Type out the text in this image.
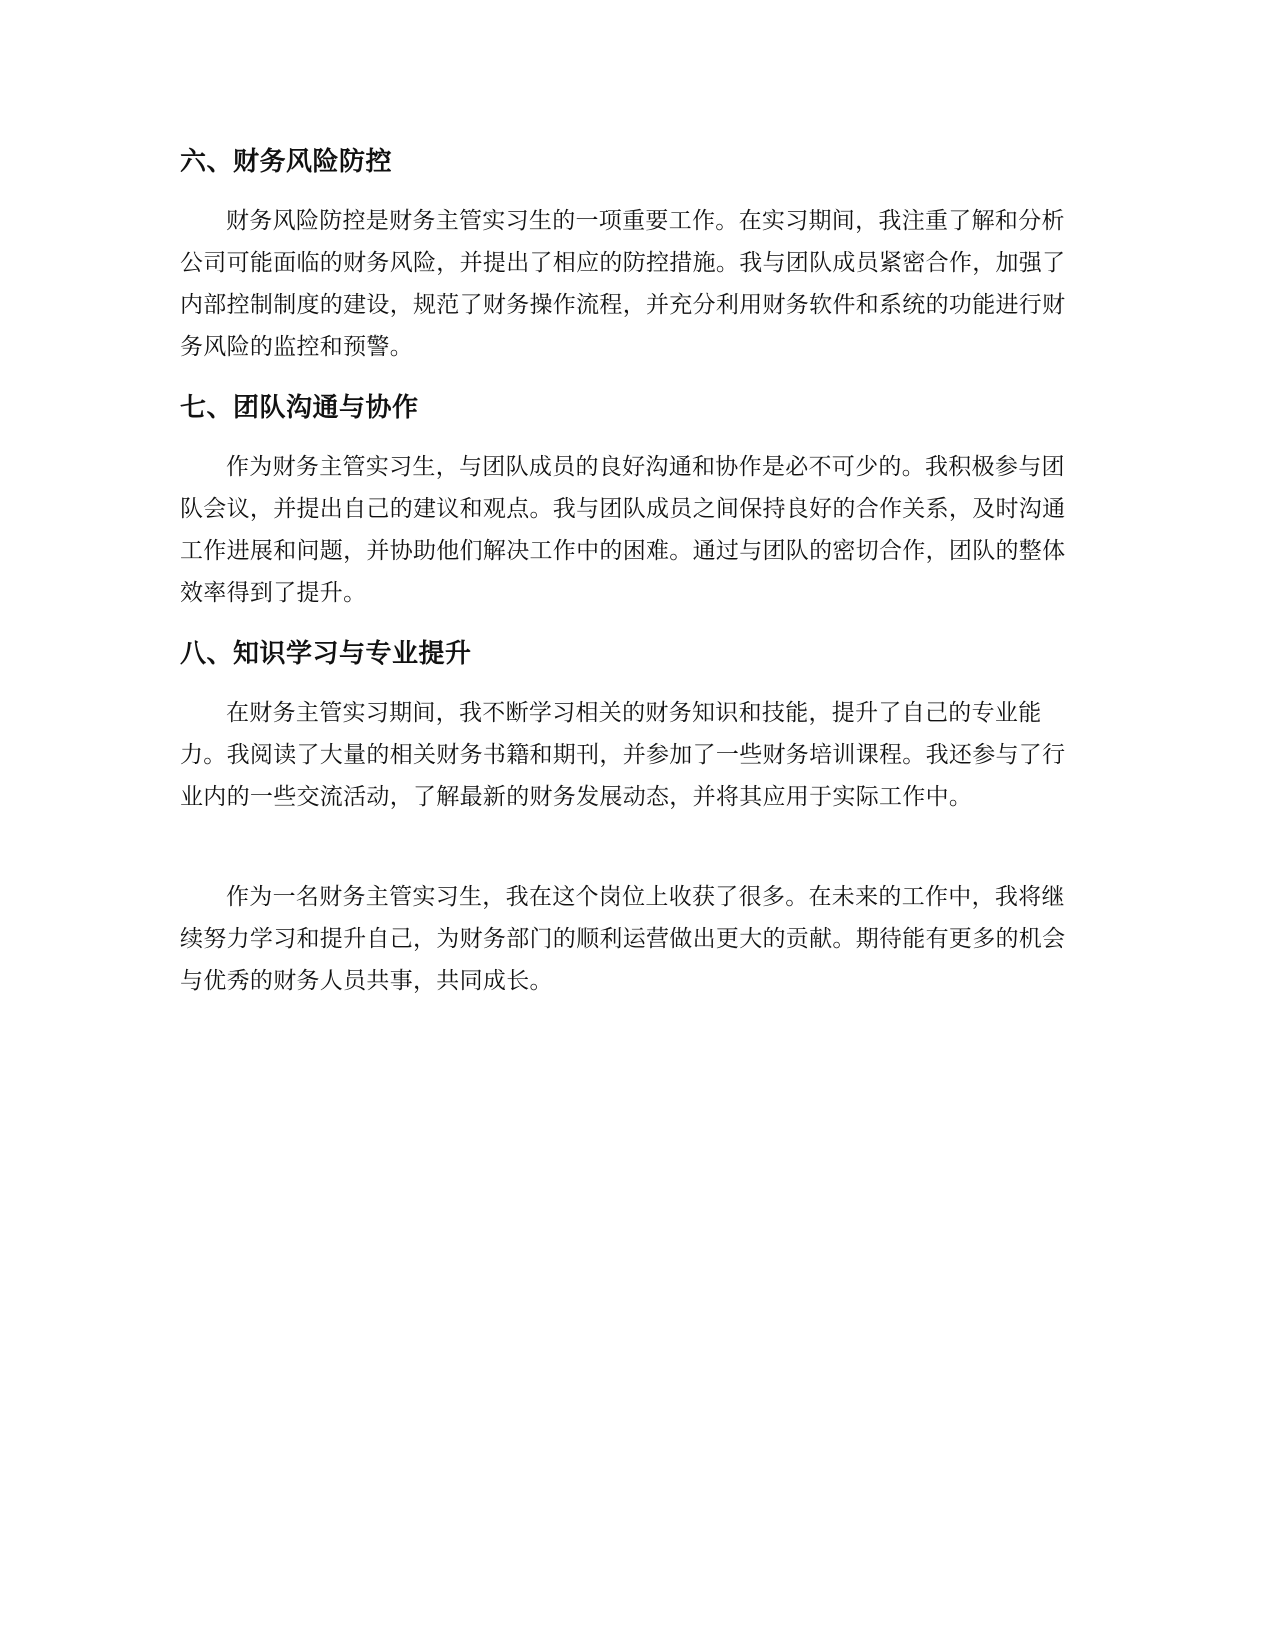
六、财务风险防控

财务风险防控是财务主管实习生的一项重要工作。在实习期间，我注重了解和分析公司可能面临的财务风险，并提出了相应的防控措施。我与团队成员紧密合作，加强了内部控制制度的建设，规范了财务操作流程，并充分利用财务软件和系统的功能进行财务风险的监控和预警。

七、团队沟通与协作

作为财务主管实习生，与团队成员的良好沟通和协作是必不可少的。我积极参与团队会议，并提出自己的建议和观点。我与团队成员之间保持良好的合作关系，及时沟通工作进展和问题，并协助他们解决工作中的困难。通过与团队的密切合作，团队的整体效率得到了提升。

八、知识学习与专业提升

在财务主管实习期间，我不断学习相关的财务知识和技能，提升了自己的专业能力。我阅读了大量的相关财务书籍和期刊，并参加了一些财务培训课程。我还参与了行业内的一些交流活动，了解最新的财务发展动态，并将其应用于实际工作中。

作为一名财务主管实习生，我在这个岗位上收获了很多。在未来的工作中，我将继续努力学习和提升自己，为财务部门的顺利运营做出更大的贡献。期待能有更多的机会与优秀的财务人员共事，共同成长。
